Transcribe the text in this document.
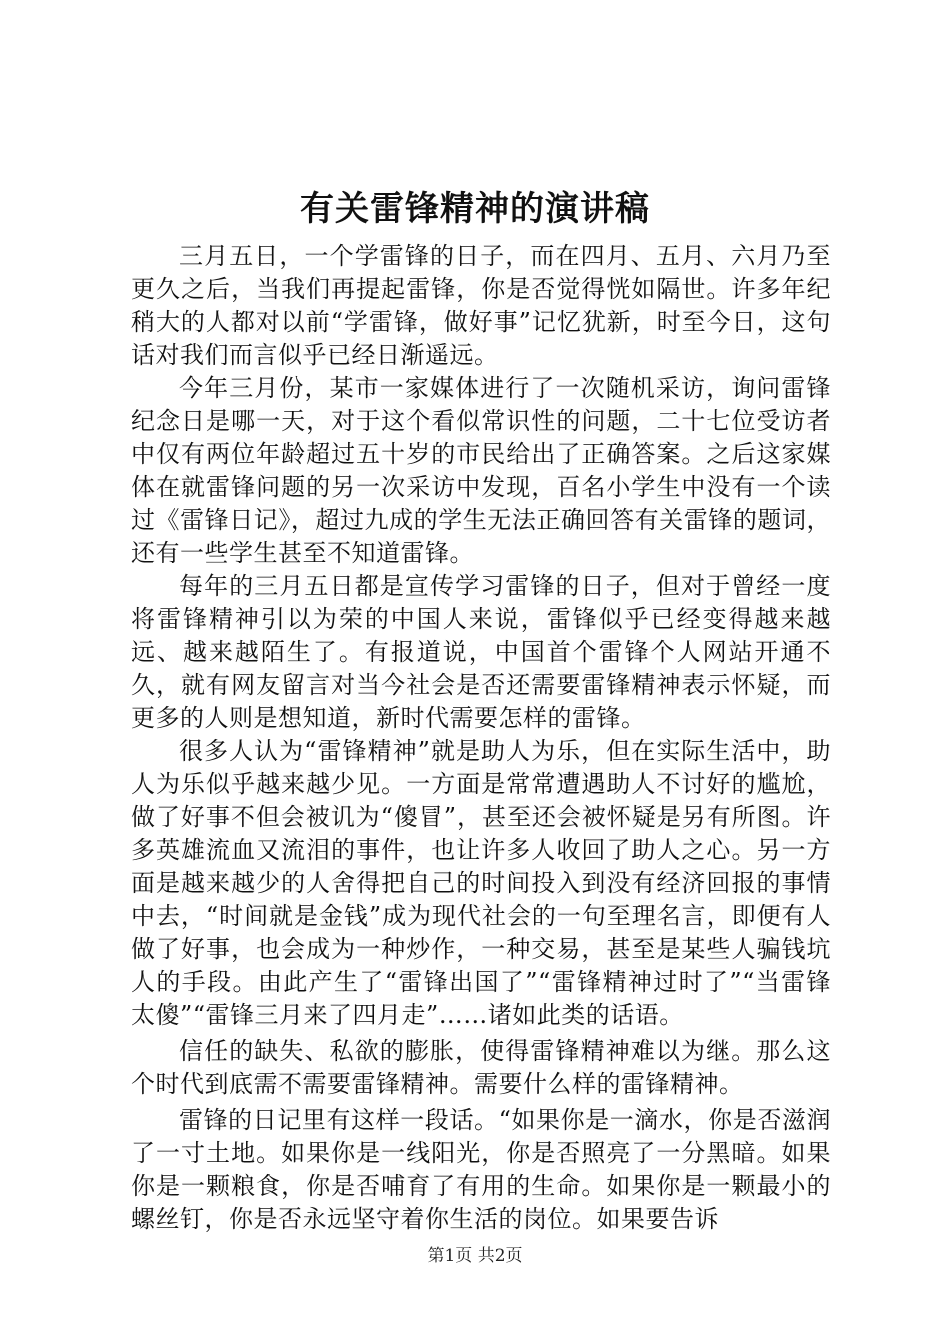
有关雷锋精神的演讲稿

三月五日，一个学雷锋的日子，而在四月、五月、六月乃至更久之后，当我们再提起雷锋，你是否觉得恍如隔世。许多年纪稍大的人都对以前“学雷锋，做好事”记忆犹新，时至今日，这句话对我们而言似乎已经日渐遥远。

今年三月份，某市一家媒体进行了一次随机采访，询问雷锋纪念日是哪一天，对于这个看似常识性的问题，二十七位受访者中仅有两位年龄超过五十岁的市民给出了正确答案。之后这家媒体在就雷锋问题的另一次采访中发现，百名小学生中没有一个读过《雷锋日记》，超过九成的学生无法正确回答有关雷锋的题词，还有一些学生甚至不知道雷锋。

每年的三月五日都是宣传学习雷锋的日子，但对于曾经一度将雷锋精神引以为荣的中国人来说，雷锋似乎已经变得越来越远、越来越陌生了。有报道说，中国首个雷锋个人网站开通不久，就有网友留言对当今社会是否还需要雷锋精神表示怀疑，而更多的人则是想知道，新时代需要怎样的雷锋。

很多人认为“雷锋精神”就是助人为乐，但在实际生活中，助人为乐似乎越来越少见。一方面是常常遭遇助人不讨好的尴尬，做了好事不但会被讥为“傻冒”，甚至还会被怀疑是另有所图。许多英雄流血又流泪的事件，也让许多人收回了助人之心。另一方面是越来越少的人舍得把自己的时间投入到没有经济回报的事情中去，“时间就是金钱”成为现代社会的一句至理名言，即便有人做了好事，也会成为一种炒作，一种交易，甚至是某些人骗钱坑人的手段。由此产生了“雷锋出国了”“雷锋精神过时了”“当雷锋太傻”“雷锋三月来了四月走”……诸如此类的话语。

信任的缺失、私欲的膨胀，使得雷锋精神难以为继。那么这个时代到底需不需要雷锋精神。需要什么样的雷锋精神。

雷锋的日记里有这样一段话。“如果你是一滴水，你是否滋润了一寸土地。如果你是一线阳光，你是否照亮了一分黑暗。如果你是一颗粮食，你是否哺育了有用的生命。如果你是一颗最小的螺丝钉，你是否永远坚守着你生活的岗位。如果要告诉

第1页 共2页
